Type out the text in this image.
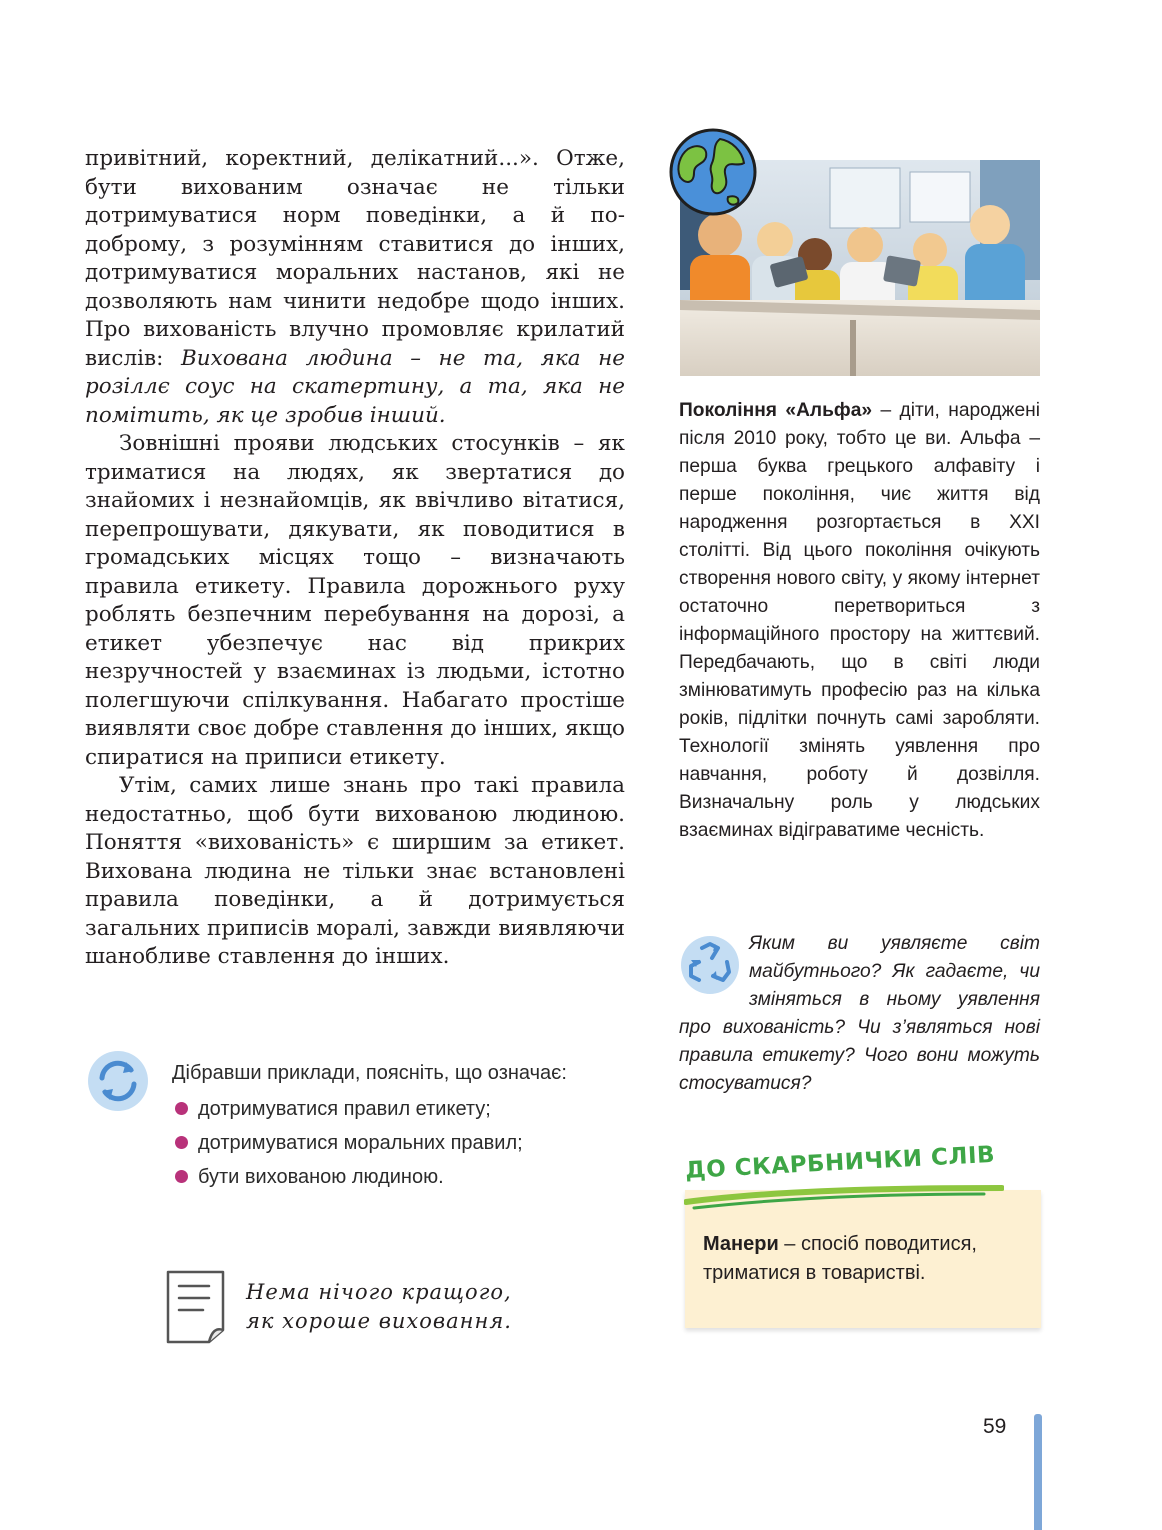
привітний, коректний, делікатний...». Отже, бути вихованим означає не тільки дотримуватися норм поведінки, а й по-доброму, з розумінням ставитися до інших, дотримуватися моральних настанов, які не дозволяють нам чинити недобре щодо інших. Про вихованість влучно промовляє крилатий вислів: Вихована людина – не та, яка не розіллє соус на скатертину, а та, яка не помітить, як це зробив інший.

Зовнішні прояви людських стосунків – як триматися на людях, як звертатися до знайомих і незнайомців, як ввічливо вітатися, перепрошувати, дякувати, як поводитися в громадських місцях тощо – визначають правила етикету. Правила дорожнього руху роблять безпечним перебування на дорозі, а етикет убезпечує нас від прикрих незручностей у взаєминах із людьми, істотно полегшуючи спілкування. Набагато простіше виявляти своє добре ставлення до інших, якщо спиратися на приписи етикету.

Утім, самих лише знань про такі правила недостатньо, щоб бути вихованою людиною. Поняття «вихованість» є ширшим за етикет. Вихована людина не тільки знає встановлені правила поведінки, а й дотримується загальних приписів моралі, завжди виявляючи шанобливе ставлення до інших.

Дібравши приклади, поясніть, що означає:
дотримуватися правил етикету;
дотримуватися моральних правил;
бути вихованою людиною.
Нема нічого кращого,
як хороше виховання.

Покоління «Альфа» – діти, народжені після 2010 року, тобто це ви. Альфа – перша буква грецького алфавіту і перше покоління, чиє життя від народження розгортається в XXI столітті. Від цього покоління очікують створення нового світу, у якому інтернет остаточно перетвориться з інформаційного простору на життєвий. Передбачають, що в світі люди змінюватимуть професію раз на кілька років, підлітки почнуть самі заробляти. Технології змінять уявлення про навчання, роботу й дозвілля. Визначальну роль у людських взаєминах відіграватиме чесність.

Яким ви уявляєте світ майбутнього? Як гадаєте, чи зміняться в ньому уявлення про вихованість? Чи з’являться нові правила етикету? Чого вони можуть стосуватися?
Манери – спосіб поводитися, триматися в товаристві.
ДО СКАРБНИЧКИ СЛІВ
59
